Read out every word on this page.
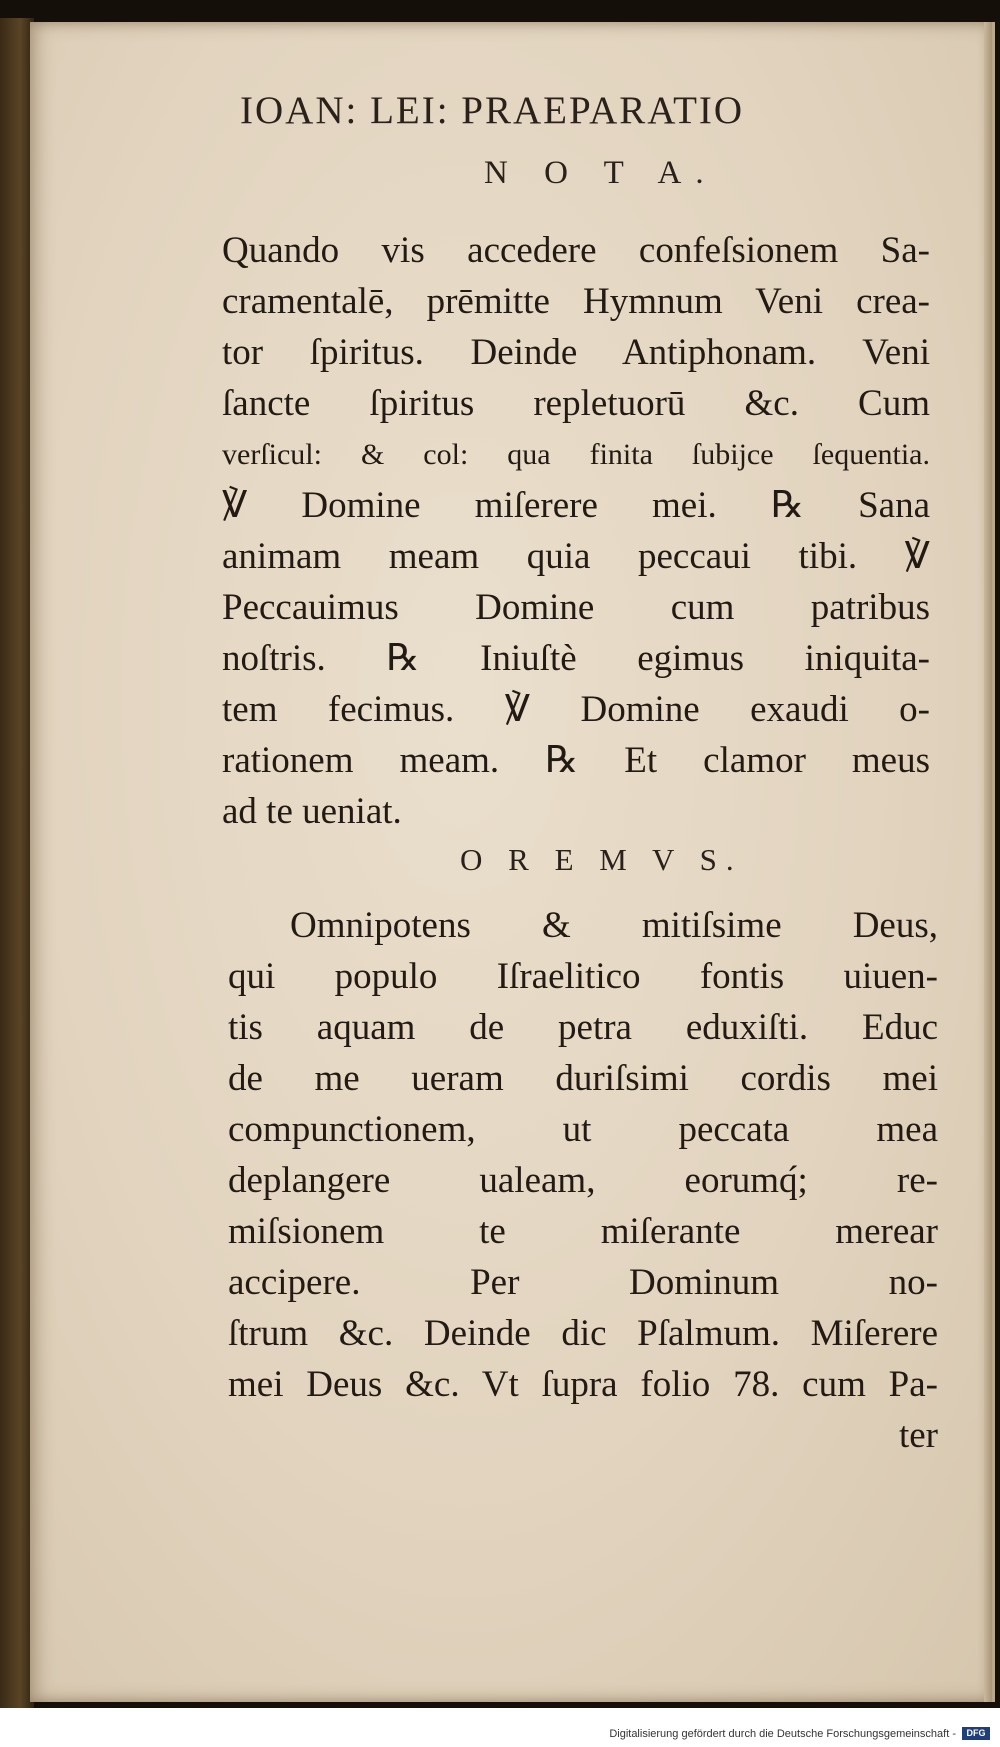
IOAN: LEI: PRAEPARATIO
N O T A.
Quando vis accedere confeſsionem Sa-
cramentalē, prēmitte Hymnum Veni crea-
tor ſpiritus. Deinde Antiphonam. Veni
ſancte ſpiritus repletuorū &c. Cum
verſicul: & col: qua finita ſubijce ſequentia.
℣ Domine miſerere mei. ℞ Sana
animam meam quia peccaui tibi. ℣
Peccauimus Domine cum patribus
noſtris. ℞ Iniuſtè egimus iniquita-
tem fecimus. ℣ Domine exaudi o-
rationem meam. ℞ Et clamor meus
ad te ueniat.
O R E M V S.
Omnipotens & mitiſsime Deus,
qui populo Iſraelitico fontis uiuen-
tis aquam de petra eduxiſti. Educ
de me ueram duriſsimi cordis mei
compunctionem, ut peccata mea
deplangere ualeam, eorumq́; re-
miſsionem te miſerante merear
accipere. Per Dominum no-
ſtrum &c. Deinde dic Pſalmum. Miſerere
mei Deus &c. Vt ſupra folio 78. cum Pa-
ter
Digitalisierung gefördert durch die Deutsche Forschungsgemeinschaft -	DFG
